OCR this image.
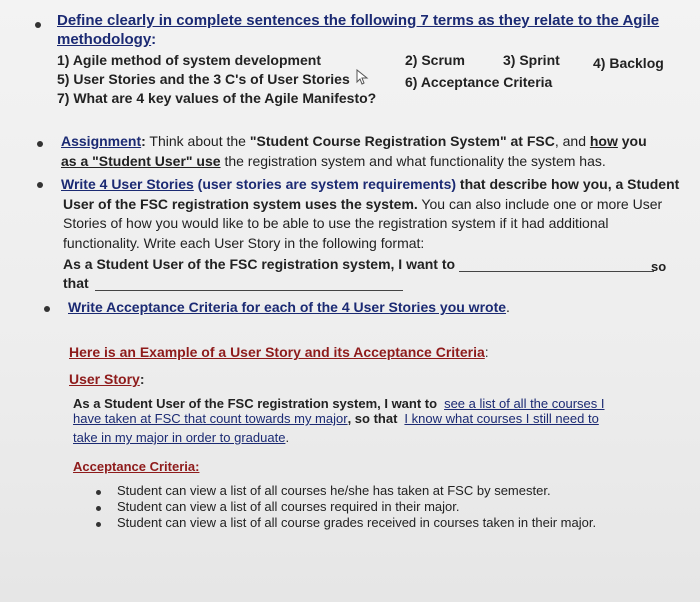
Define clearly in complete sentences the following 7 terms as they relate to the Agile
methodology:
1) Agile method of system development	2) Scrum	3) Sprint 4) Backlog
5) User Stories and the 3 C's of User Stories	6) Acceptance Criteria
7) What are 4 key values of the Agile Manifesto?
Assignment: Think about the "Student Course Registration System" at FSC, and how you
as a "Student User" use the registration system and what functionality the system has.
Write 4 User Stories (user stories are system requirements) that describe how you, a Student
User of the FSC registration system uses the system. You can also include one or more User
Stories of how you would like to be able to use the registration system if it had additional
functionality. Write each User Story in the following format:
As a Student User of the FSC registration system, I want to	so
that
Write Acceptance Criteria for each of the 4 User Stories you wrote.
Here is an Example of a User Story and its Acceptance Criteria:
User Story:
As a Student User of the FSC registration system, I want to see a list of all the courses I
have taken at FSC that count towards my major, so that I know what courses I still need to
take in my major in order to graduate.
Acceptance Criteria:
Student can view a list of all courses he/she has taken at FSC by semester.
Student can view a list of all courses required in their major.
Student can view a list of all course grades received in courses taken in their major.
